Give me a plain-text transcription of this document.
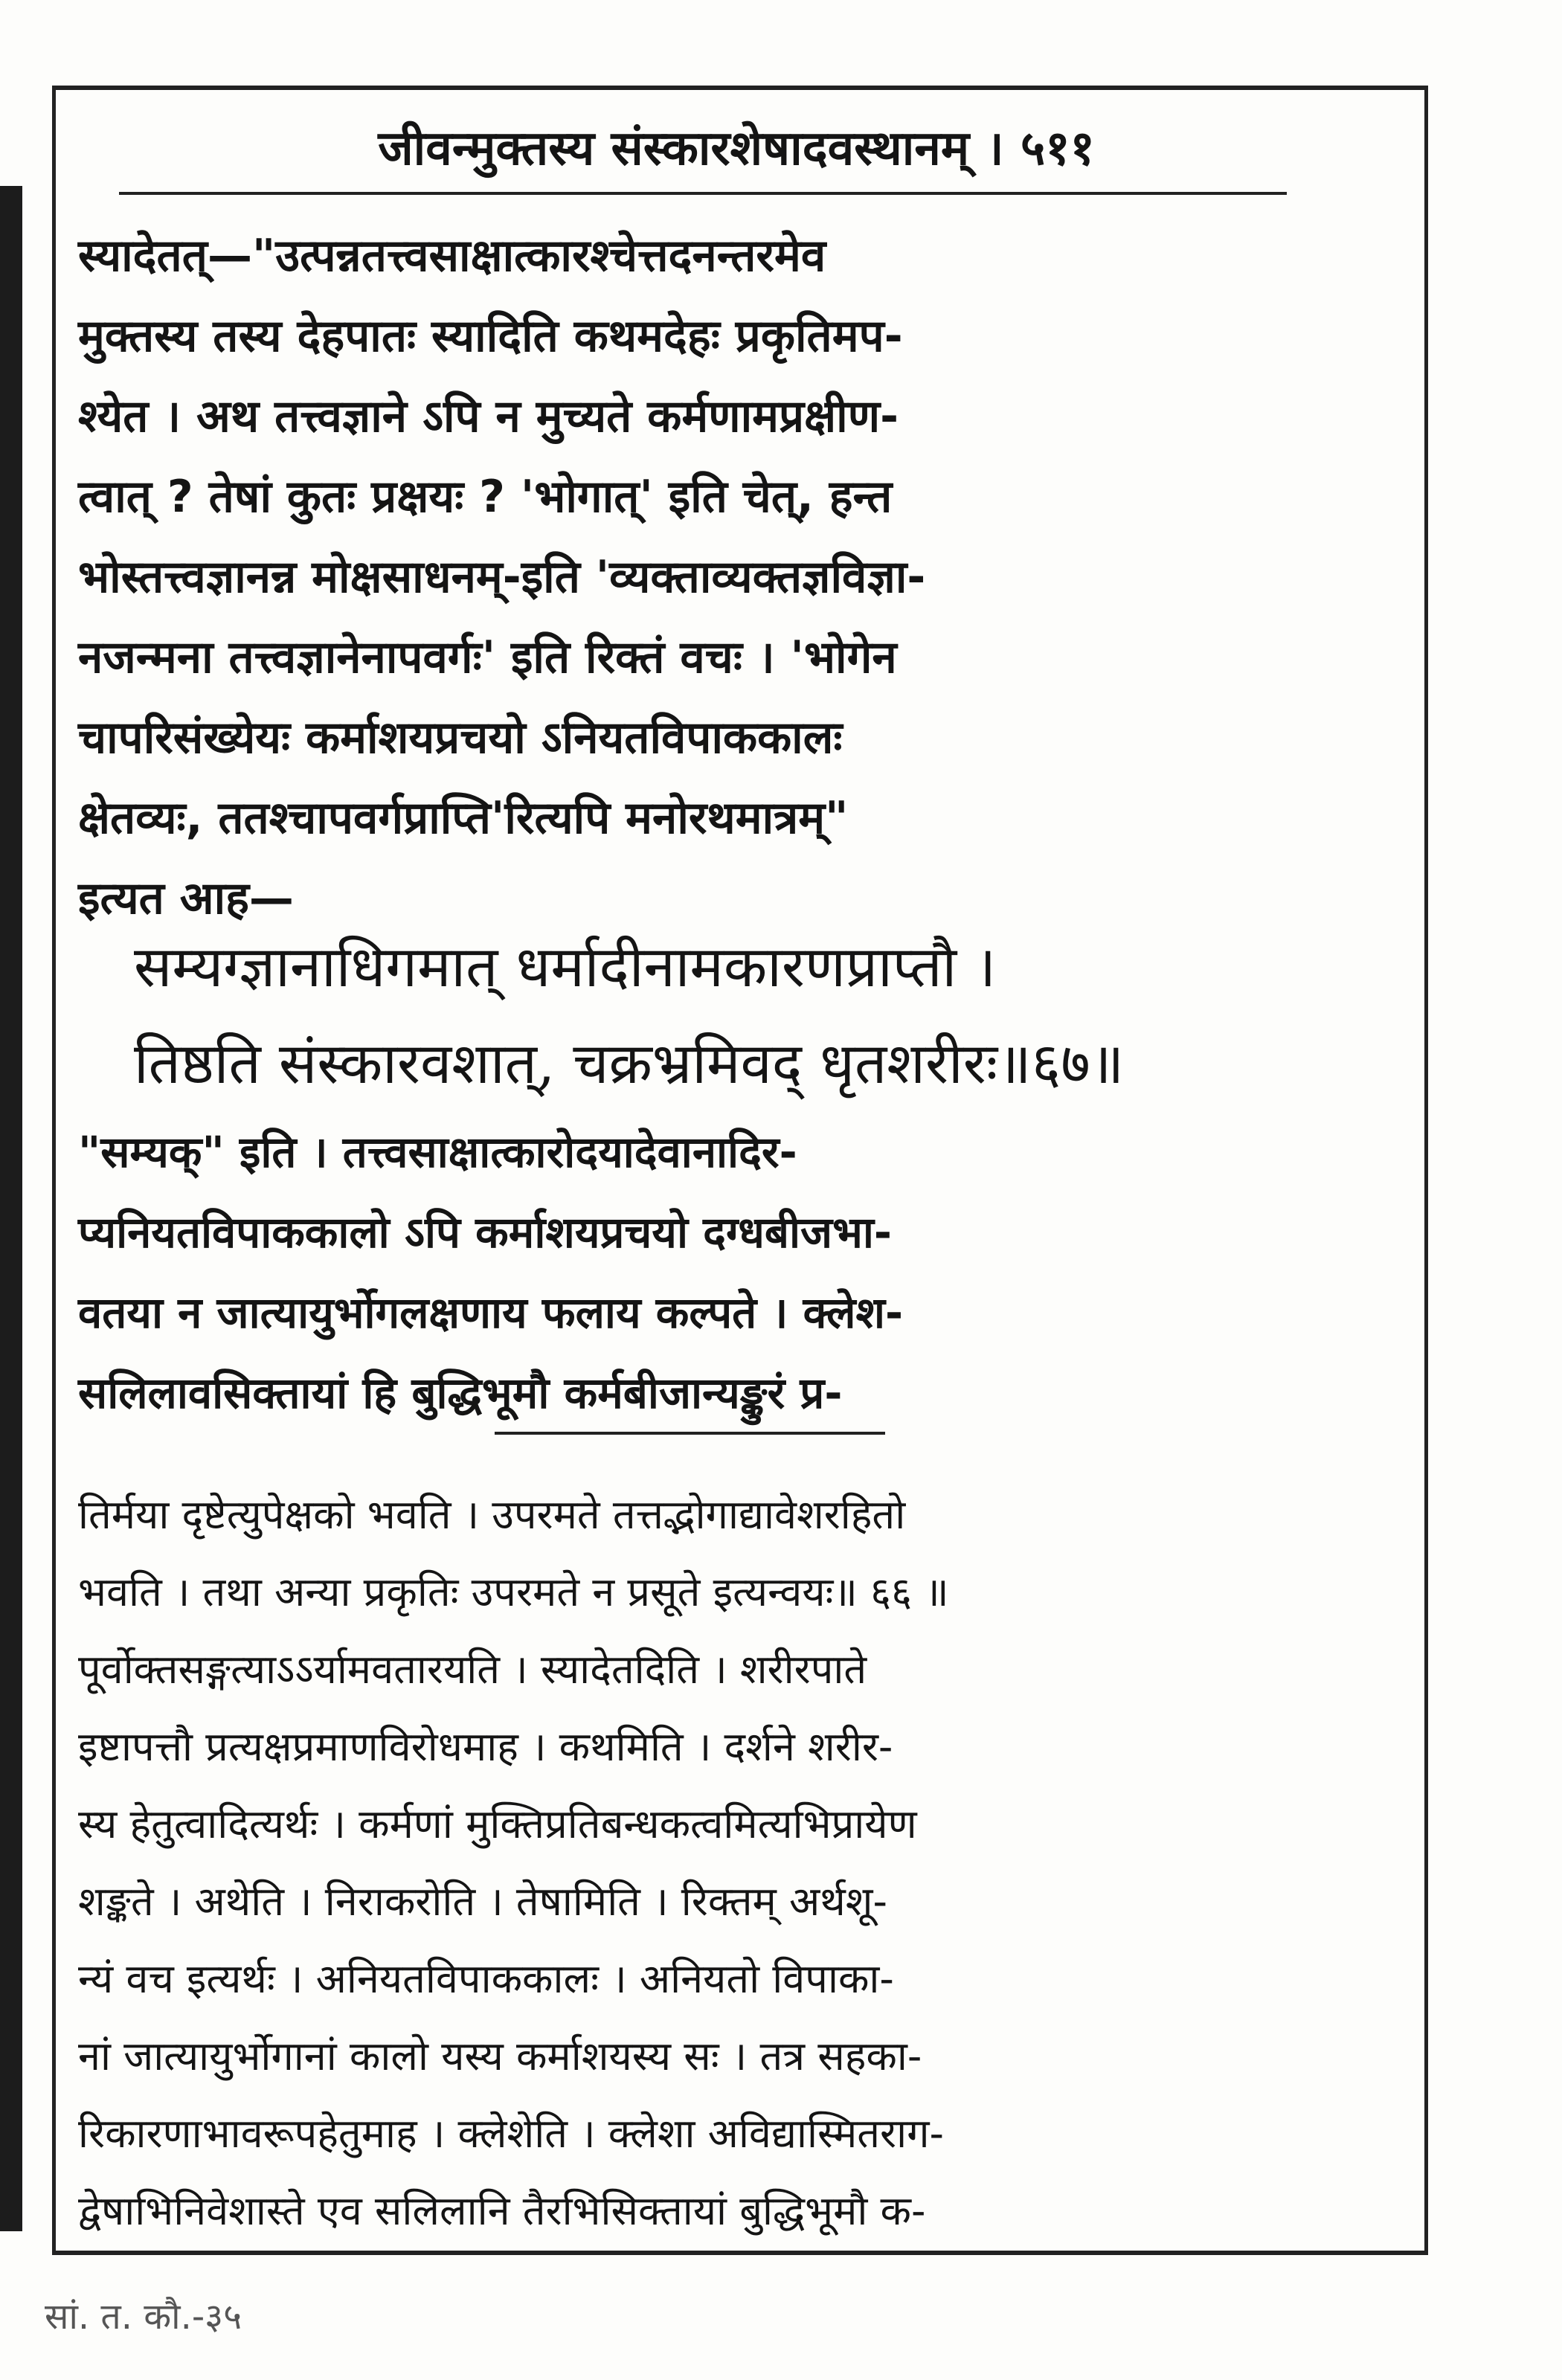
जीवन्मुक्तस्य संस्कारशेषादवस्थानम् । ५११
स्यादेतत्—"उत्पन्नतत्त्वसाक्षात्कारश्चेत्तदनन्तरमेव
मुक्तस्य तस्य देहपातः स्यादिति कथमदेहः प्रकृतिमप-
श्येत । अथ तत्त्वज्ञाने ऽपि न मुच्यते कर्मणामप्रक्षीण-
त्वात् ? तेषां कुतः प्रक्षयः ? 'भोगात्' इति चेत्, हन्त
भोस्तत्त्वज्ञानन्न मोक्षसाधनम्-इति 'व्यक्ताव्यक्तज्ञविज्ञा-
नजन्मना तत्त्वज्ञानेनापवर्गः' इति रिक्तं वचः । 'भोगेन
चापरिसंख्येयः कर्माशयप्रचयो ऽनियतविपाककालः
क्षेतव्यः, ततश्चापवर्गप्राप्ति'रित्यपि मनोरथमात्रम्"
इत्यत आह—
सम्यग्ज्ञानाधिगमात् धर्मादीनामकारणप्राप्तौ ।
तिष्ठति संस्कारवशात्, चक्रभ्रमिवद् धृतशरीरः॥६७॥
"सम्यक्" इति । तत्त्वसाक्षात्कारोदयादेवानादिर-
प्यनियतविपाककालो ऽपि कर्माशयप्रचयो दग्धबीजभा-
वतया न जात्यायुर्भोगलक्षणाय फलाय कल्पते । क्लेश-
सलिलावसिक्तायां हि बुद्धिभूमौ कर्मबीजान्यङ्कुरं प्र-
तिर्मया दृष्टेत्युपेक्षको भवति । उपरमते तत्तद्भोगाद्यावेशरहितो
भवति । तथा अन्या प्रकृतिः उपरमते न प्रसूते इत्यन्वयः॥ ६६ ॥
पूर्वोक्तसङ्गत्याऽऽर्यामवतारयति । स्यादेतदिति । शरीरपाते
इष्टापत्तौ प्रत्यक्षप्रमाणविरोधमाह । कथमिति । दर्शने शरीर-
स्य हेतुत्वादित्यर्थः । कर्मणां मुक्तिप्रतिबन्धकत्वमित्यभिप्रायेण
शङ्कते । अथेति । निराकरोति । तेषामिति । रिक्तम् अर्थशू-
न्यं वच इत्यर्थः । अनियतविपाककालः । अनियतो विपाका-
नां जात्यायुर्भोगानां कालो यस्य कर्माशयस्य सः । तत्र सहका-
रिकारणाभावरूपहेतुमाह । क्लेशेति । क्लेशा अविद्यास्मितराग-
द्वेषाभिनिवेशास्ते एव सलिलानि तैरभिसिक्तायां बुद्धिभूमौ क-
सां. त. कौ.-३५
